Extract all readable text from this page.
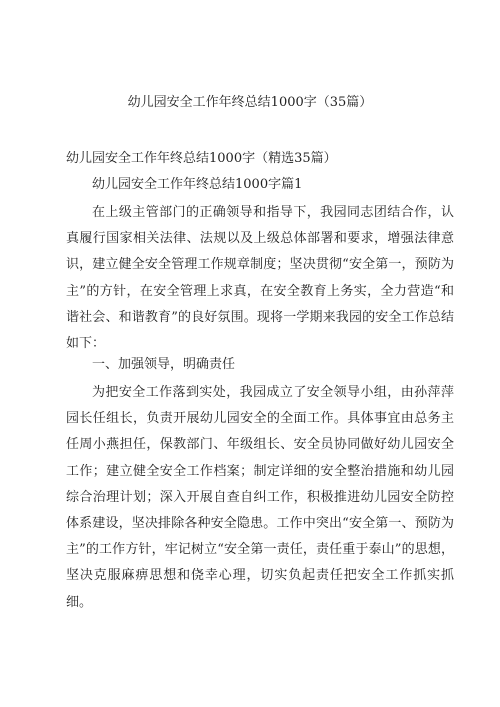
幼儿园安全工作年终总结1000字（35篇）
幼儿园安全工作年终总结1000字（精选35篇）
幼儿园安全工作年终总结1000字篇1

在上级主管部门的正确领导和指导下，我园同志团结合作，认真履行国家相关法律、法规以及上级总体部署和要求，增强法律意识，建立健全安全管理工作规章制度；坚决贯彻“安全第一，预防为主”的方针，在安全管理上求真，在安全教育上务实，全力营造“和谐社会、和谐教育”的良好氛围。现将一学期来我园的安全工作总结如下：

一、加强领导，明确责任

为把安全工作落到实处，我园成立了安全领导小组，由孙萍萍园长任组长，负责开展幼儿园安全的全面工作。具体事宜由总务主任周小燕担任，保教部门、年级组长、安全员协同做好幼儿园安全工作；建立健全安全工作档案；制定详细的安全整治措施和幼儿园综合治理计划；深入开展自查自纠工作，积极推进幼儿园安全防控体系建设，坚决排除各种安全隐患。工作中突出“安全第一、预防为主”的工作方针，牢记树立“安全第一责任，责任重于泰山”的思想，坚决克服麻痹思想和侥幸心理，切实负起责任把安全工作抓实抓细。
